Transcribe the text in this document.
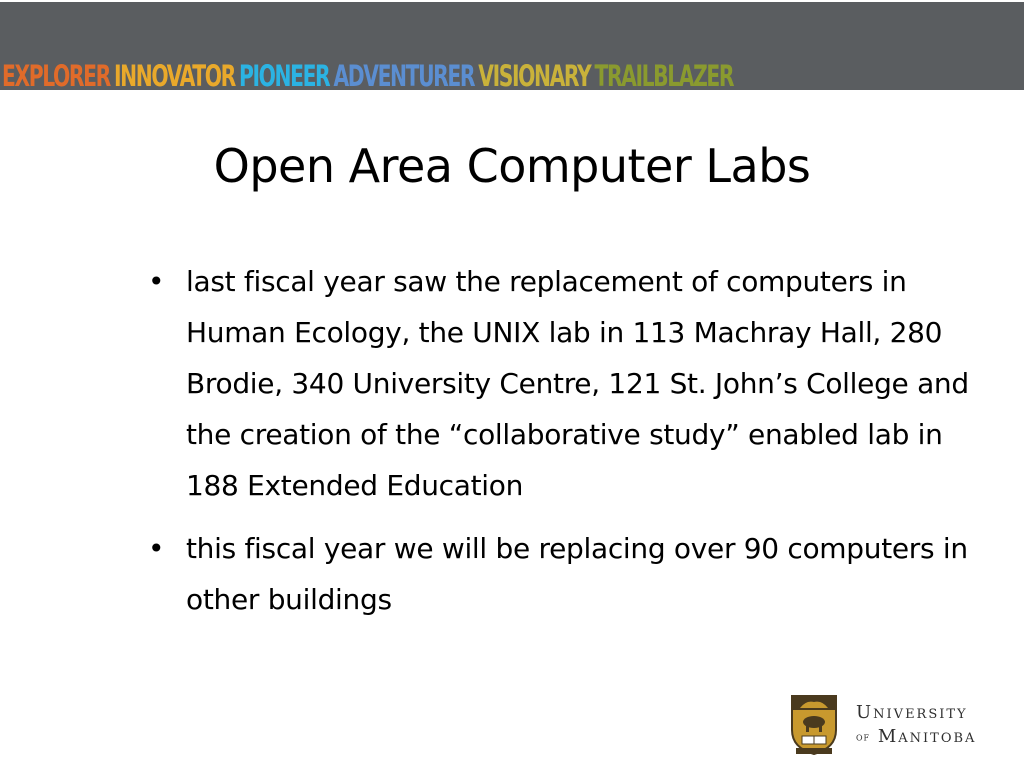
EXPLORER INNOVATOR PIONEER ADVENTURER VISIONARY TRAILBLAZER
Open Area Computer Labs
• last fiscal year saw the replacement of computers in Human Ecology, the UNIX lab in 113 Machray Hall, 280 Brodie, 340 University Centre, 121 St. John’s College and the creation of the “collaborative study” enabled lab in 188 Extended Education
• this fiscal year we will be replacing over 90 computers in other buildings
University
of Manitoba
